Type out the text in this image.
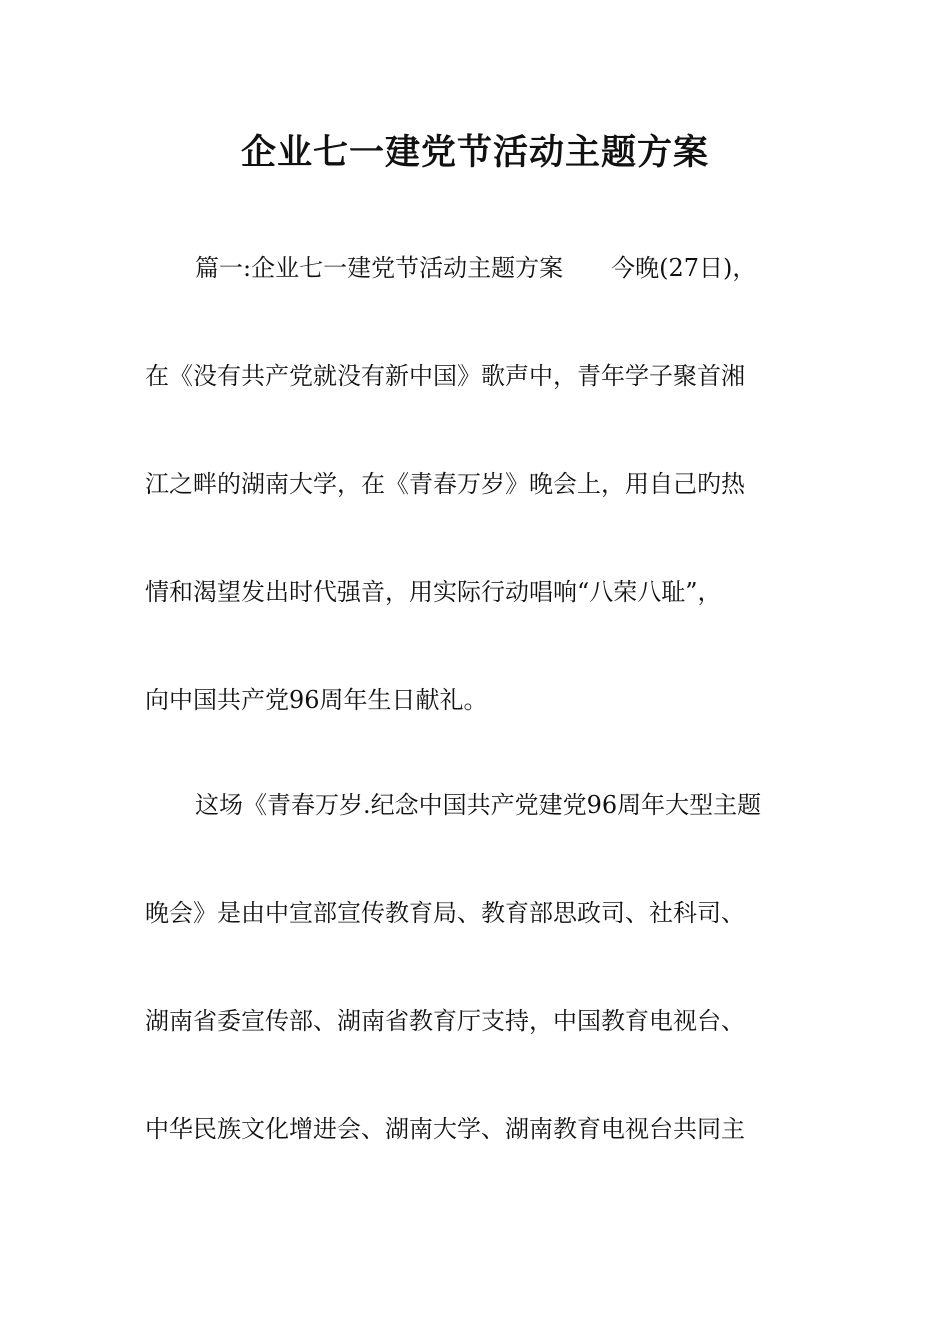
企业七一建党节活动主题方案
篇一:企业七一建党节活动主题方案　　今晚(27日)，
在《没有共产党就没有新中国》歌声中，青年学子聚首湘
江之畔的湖南大学，在《青春万岁》晚会上，用自己旳热
情和渴望发出时代强音，用实际行动唱响“八荣八耻”，
向中国共产党96周年生日献礼。
这场《青春万岁.纪念中国共产党建党96周年大型主题
晚会》是由中宣部宣传教育局、教育部思政司、社科司、
湖南省委宣传部、湖南省教育厅支持，中国教育电视台、
中华民族文化增进会、湖南大学、湖南教育电视台共同主
